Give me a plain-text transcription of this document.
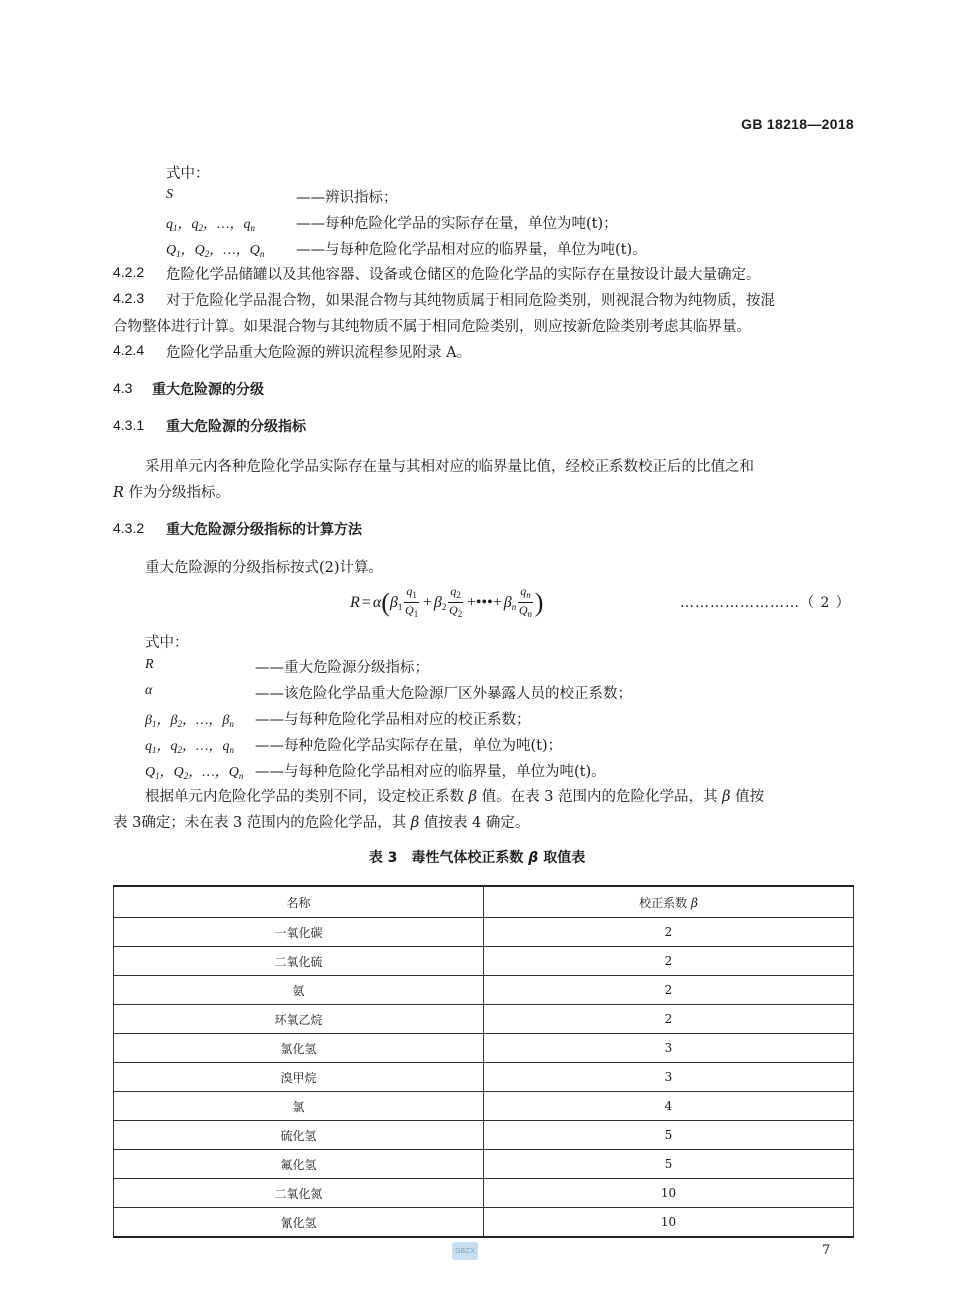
GB 18218—2018
式中：
S	——辨识指标；
$q_1$，$q_2$，…，$q_n$	——每种危险化学品的实际存在量，单位为吨(t)；
$Q_1$，$Q_2$，…，$Q_n$ ——与每种危险化学品相对应的临界量，单位为吨(t)。
4.2.2 危险化学品储罐以及其他容器、设备或仓储区的危险化学品的实际存在量按设计最大量确定。
4.2.3 对于危险化学品混合物，如果混合物与其纯物质属于相同危险类别，则视混合物为纯物质，按混
合物整体进行计算。如果混合物与其纯物质不属于相同危险类别，则应按新危险类别考虑其临界量。
4.2.4 危险化学品重大危险源的辨识流程参见附录 A。
4.3 重大危险源的分级
4.3.1 重大危险源的分级指标
采用单元内各种危险化学品实际存在量与其相对应的临界量比值，经校正系数校正后的比值之和
R 作为分级指标。
4.3.2 重大危险源分级指标的计算方法
重大危险源的分级指标按式(2)计算。
R = α ( $\beta_1 \frac{q_1}{Q_1} + \beta_2 \frac{q_2}{Q_2}$ +•••+ $\beta_n \frac{q_n}{Q_n}$ )	……………………（ 2 ）
式中：
R	——重大危险源分级指标；
α	——该危险化学品重大危险源厂区外暴露人员的校正系数；
$\beta_1$，$\beta_2$，…，$\beta_n$ ——与每种危险化学品相对应的校正系数；
$q_1$，$q_2$，…，$q_n$ ——每种危险化学品实际存在量，单位为吨(t)；
$Q_1$，$Q_2$，…，$Q_n$ ——与每种危险化学品相对应的临界量，单位为吨(t)。
根据单元内危险化学品的类别不同，设定校正系数 β 值。在表 3 范围内的危险化学品，其 β 值按
表 3确定；未在表 3 范围内的危险化学品，其 β 值按表 4 确定。
表 3　毒性气体校正系数 β 取值表
名称	校正系数 β
一氧化碳	2
二氧化硫	2
氨	2
环氧乙烷	2
氯化氢	3
溴甲烷	3
氯	4
硫化氢	5
氟化氢	5
二氧化氮	10
氰化氢	10
GBZX	7
